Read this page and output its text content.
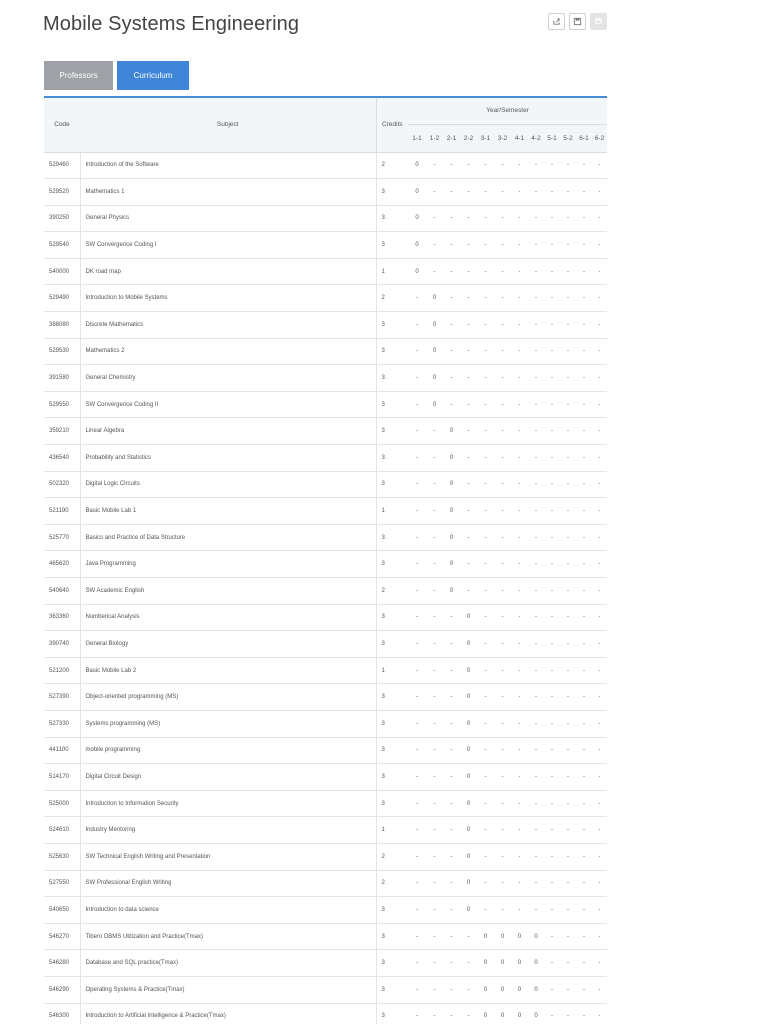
Mobile Systems Engineering
Professors	Curriculum
Code	Subject	Credits	Year/Semester											
			1-1	1-2	2-1	2-2	3-1	3-2	4-1	4-2	5-1	5-2	6-1	6-2
529460	Introduction of the Software	2	0	-	-	-	-	-	-	-	-	-	-	-
529520	Mathematics 1	3	0	-	-	-	-	-	-	-	-	-	-	-
390250	General Physics	3	0	-	-	-	-	-	-	-	-	-	-	-
529540	SW Convergence Coding I	3	0	-	-	-	-	-	-	-	-	-	-	-
540000	DK road map	1	0	-	-	-	-	-	-	-	-	-	-	-
529490	Introduction to Mobile Systems	2	-	0	-	-	-	-	-	-	-	-	-	-
388080	Discrete Mathematics	3	-	0	-	-	-	-	-	-	-	-	-	-
529530	Mathematics 2	3	-	0	-	-	-	-	-	-	-	-	-	-
391580	General Chemistry	3	-	0	-	-	-	-	-	-	-	-	-	-
529550	SW Convergence Coding II	3	-	0	-	-	-	-	-	-	-	-	-	-
359210	Linear Algebra	3	-	-	0	-	-	-	-	-	-	-	-	-
436540	Probability and Statistics	3	-	-	0	-	-	-	-	-	-	-	-	-
502320	Digital Logic Circuits	3	-	-	0	-	-	-	-	-	-	-	-	-
521190	Basic Mobile Lab 1	1	-	-	0	-	-	-	-	-	-	-	-	-
525770	Basics and Practice of Data Structure	3	-	-	0	-	-	-	-	-	-	-	-	-
465620	Java Programming	3	-	-	0	-	-	-	-	-	-	-	-	-
540640	SW Academic English	2	-	-	0	-	-	-	-	-	-	-	-	-
363360	Numberical Analysis	3	-	-	-	0	-	-	-	-	-	-	-	-
390740	General Biology	3	-	-	-	0	-	-	-	-	-	-	-	-
521200	Basic Mobile Lab 2	1	-	-	-	0	-	-	-	-	-	-	-	-
527390	Object-oriented programming (MS)	3	-	-	-	0	-	-	-	-	-	-	-	-
527330	Systems programming (MS)	3	-	-	-	0	-	-	-	-	-	-	-	-
441100	mobile programming	3	-	-	-	0	-	-	-	-	-	-	-	-
514170	Digital Circuit Design	3	-	-	-	0	-	-	-	-	-	-	-	-
525000	Introduction to Information Security	3	-	-	-	0	-	-	-	-	-	-	-	-
524610	Industry Mentoring	1	-	-	-	0	-	-	-	-	-	-	-	-
525630	SW Technical English Writing and Presentation	2	-	-	-	0	-	-	-	-	-	-	-	-
527550	SW Professional English Writing	2	-	-	-	0	-	-	-	-	-	-	-	-
540650	Introduction to data science	3	-	-	-	0	-	-	-	-	-	-	-	-
546270	Tibero DBMS Utilization and Practice(Tmax)	3	-	-	-	-	0	0	0	0	-	-	-	-
546280	Database and SQL practice(Tmax)	3	-	-	-	-	0	0	0	0	-	-	-	-
546290	Operating Systems & Practice(Tmax)	3	-	-	-	-	0	0	0	0	-	-	-	-
546300	Introduction to Artificial Intelligence & Practice(Tmax)	3	-	-	-	-	0	0	0	0	-	-	-	-
